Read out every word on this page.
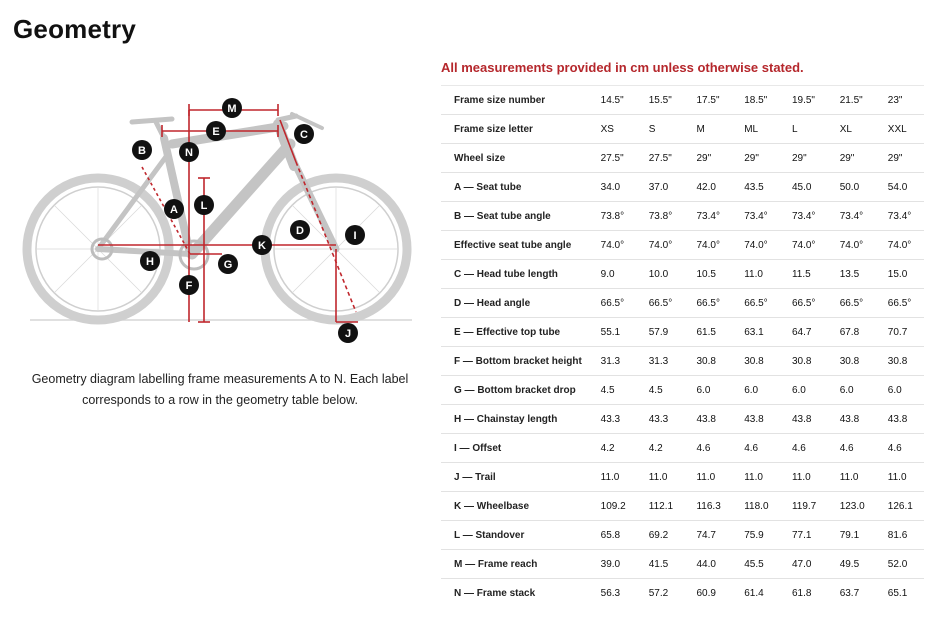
Geometry
M
E	C
B	N
L
A
D	I
K
H	G
F
J
Geometry diagram labelling frame measurements A to N. Each label corresponds to a row in the geometry table below.
All measurements provided in cm unless otherwise stated.
Frame size number	14.5"	15.5"	17.5"	18.5"	19.5"	21.5"	23"
Frame size letter	XS	S	M	ML	L	XL	XXL
Wheel size	27.5"	27.5"	29"	29"	29"	29"	29"
A — Seat tube	34.0	37.0	42.0	43.5	45.0	50.0	54.0
B — Seat tube angle	73.8°	73.8°	73.4°	73.4°	73.4°	73.4°	73.4°
Effective seat tube angle	74.0°	74.0°	74.0°	74.0°	74.0°	74.0°	74.0°
C — Head tube length	9.0	10.0	10.5	11.0	11.5	13.5	15.0
D — Head angle	66.5°	66.5°	66.5°	66.5°	66.5°	66.5°	66.5°
E — Effective top tube	55.1	57.9	61.5	63.1	64.7	67.8	70.7
F — Bottom bracket height	31.3	31.3	30.8	30.8	30.8	30.8	30.8
G — Bottom bracket drop	4.5	4.5	6.0	6.0	6.0	6.0	6.0
H — Chainstay length	43.3	43.3	43.8	43.8	43.8	43.8	43.8
I — Offset	4.2	4.2	4.6	4.6	4.6	4.6	4.6
J — Trail	11.0	11.0	11.0	11.0	11.0	11.0	11.0
K — Wheelbase	109.2	112.1	116.3	118.0	119.7	123.0	126.1
L — Standover	65.8	69.2	74.7	75.9	77.1	79.1	81.6
M — Frame reach	39.0	41.5	44.0	45.5	47.0	49.5	52.0
N — Frame stack	56.3	57.2	60.9	61.4	61.8	63.7	65.1
